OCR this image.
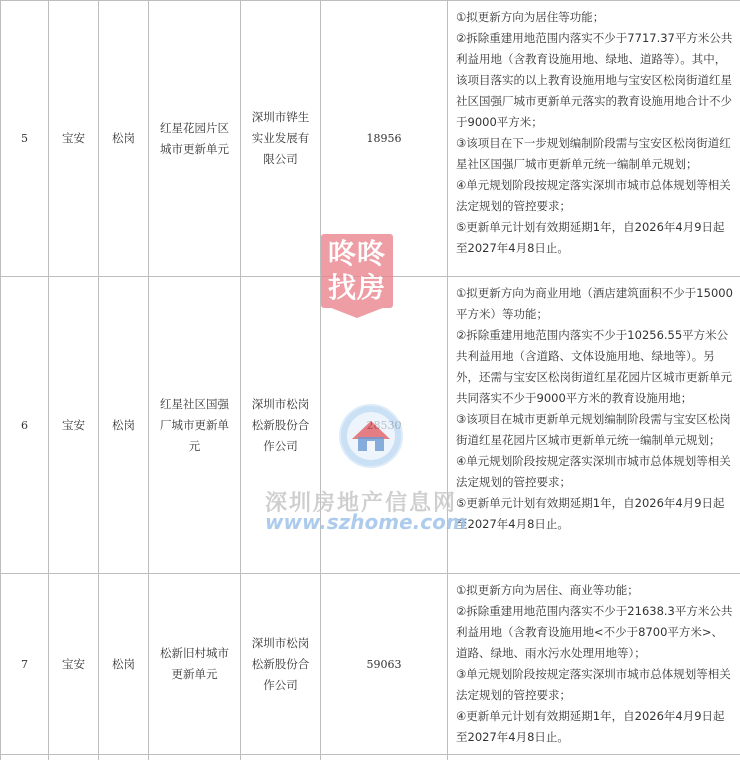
5	宝安	松岗	红星花园片区城市更新单元	深圳市铧生实业发展有限公司	18956	①拟更新方向为居住等功能；
②拆除重建用地范围内落实不少于7717.37平方米公共利益用地（含教育设施用地、绿地、道路等）。其中，该项目落实的以上教育设施用地与宝安区松岗街道红星社区国强厂城市更新单元落实的教育设施用地合计不少于9000平方米；
③该项目在下一步规划编制阶段需与宝安区松岗街道红星社区国强厂城市更新单元统一编制单元规划；
④单元规划阶段按规定落实深圳市城市总体规划等相关法定规划的管控要求；
⑤更新单元计划有效期延期1年，自2026年4月9日起至2027年4月8日止。

6	宝安	松岗	红星社区国强厂城市更新单元	深圳市松岗松新股份合作公司		①拟更新方向为商业用地（酒店建筑面积不少于15000平方米）等功能；
②拆除重建用地范围内落实不少于10256.55平方米公共利益用地（含道路、文体设施用地、绿地等）。另外，还需与宝安区松岗街道红星花园片区城市更新单元共同落实不少于9000平方米的教育设施用地；
③该项目在城市更新单元规划编制阶段需与宝安区松岗街道红星花园片区城市更新单元统一编制单元规划；
④单元规划阶段按规定落实深圳市城市总体规划等相关法定规划的管控要求；
⑤更新单元计划有效期延期1年，自2026年4月9日起至2027年4月8日止。

7	宝安	松岗	松新旧村城市更新单元	深圳市松岗松新股份合作公司	59063	①拟更新方向为居住、商业等功能；
②拆除重建用地范围内落实不少于21638.3平方米公共利益用地（含教育设施用地<不少于8700平方米>、道路、绿地、雨水污水处理用地等）；
③单元规划阶段按规定落实深圳市城市总体规划等相关法定规划的管控要求；
④更新单元计划有效期延期1年，自2026年4月9日起至2027年4月8日止。

咚咚
找房
深圳房地产信息网
www.szhome.com
